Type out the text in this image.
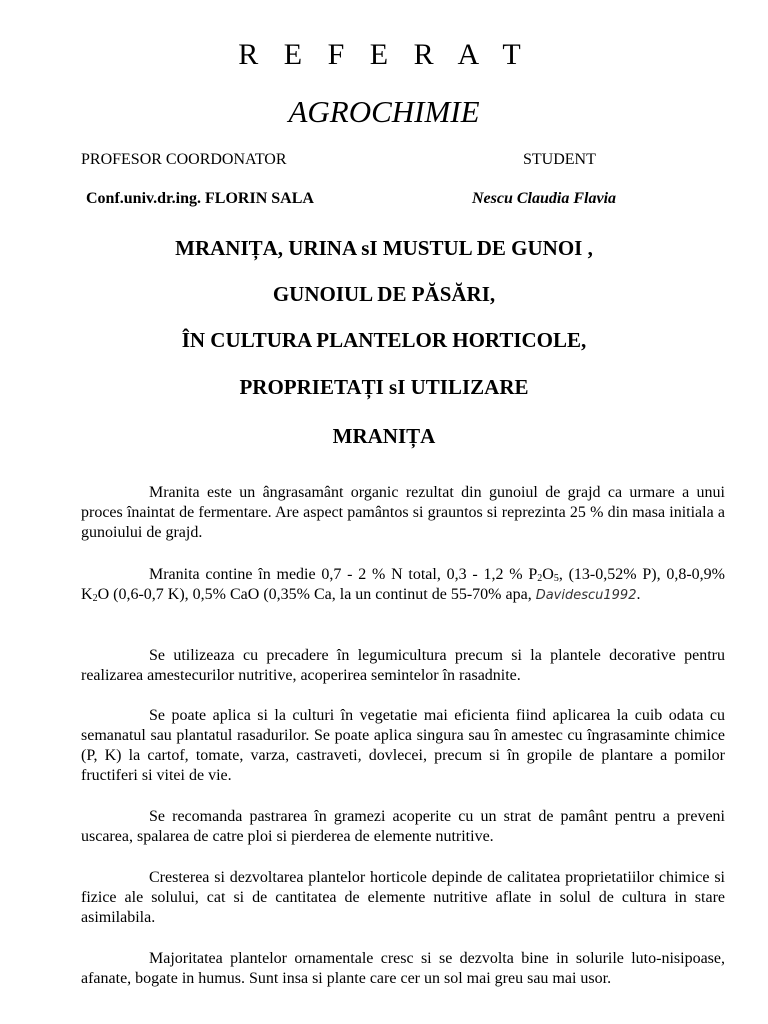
R E F E R A T
AGROCHIMIE
PROFESOR COORDONATOR	STUDENT
Conf.univ.dr.ing. FLORIN SALA	Nescu Claudia Flavia
MRANIȚA, URINA sI MUSTUL DE GUNOI ,
GUNOIUL DE PĂSĂRI,
ÎN CULTURA PLANTELOR HORTICOLE,
PROPRIETAȚI sI UTILIZARE
MRANIȚA

Mranita este un ângrasamânt organic rezultat din gunoiul de grajd ca urmare a unui proces înaintat de fermentare. Are aspect pamântos si grauntos si reprezinta 25 % din masa initiala a gunoiului de grajd.

Mranita contine în medie 0,7 - 2 % N total, 0,3 - 1,2 % $P_2O_5$, (13-0,52% P), 0,8-0,9% $K_2O$ (0,6-0,7 K), 0,5% CaO (0,35% Ca, la un continut de 55-70% apa, Davidescu1992.

Se utilizeaza cu precadere în legumicultura precum si la plantele decorative pentru realizarea amestecurilor nutritive, acoperirea semintelor în rasadnite.

Se poate aplica si la culturi în vegetatie mai eficienta fiind aplicarea la cuib odata cu semanatul sau plantatul rasadurilor. Se poate aplica singura sau în amestec cu îngrasaminte chimice (P, K) la cartof, tomate, varza, castraveti, dovlecei, precum si în gropile de plantare a pomilor fructiferi si vitei de vie.

Se recomanda pastrarea în gramezi acoperite cu un strat de pamânt pentru a preveni uscarea, spalarea de catre ploi si pierderea de elemente nutritive.

Cresterea si dezvoltarea plantelor horticole depinde de calitatea proprietatiilor chimice si fizice ale solului, cat si de cantitatea de elemente nutritive aflate in solul de cultura in stare asimilabila.

Majoritatea plantelor ornamentale cresc si se dezvolta bine in solurile luto-nisipoase, afanate, bogate in humus. Sunt insa si plante care cer un sol mai greu sau mai usor.
